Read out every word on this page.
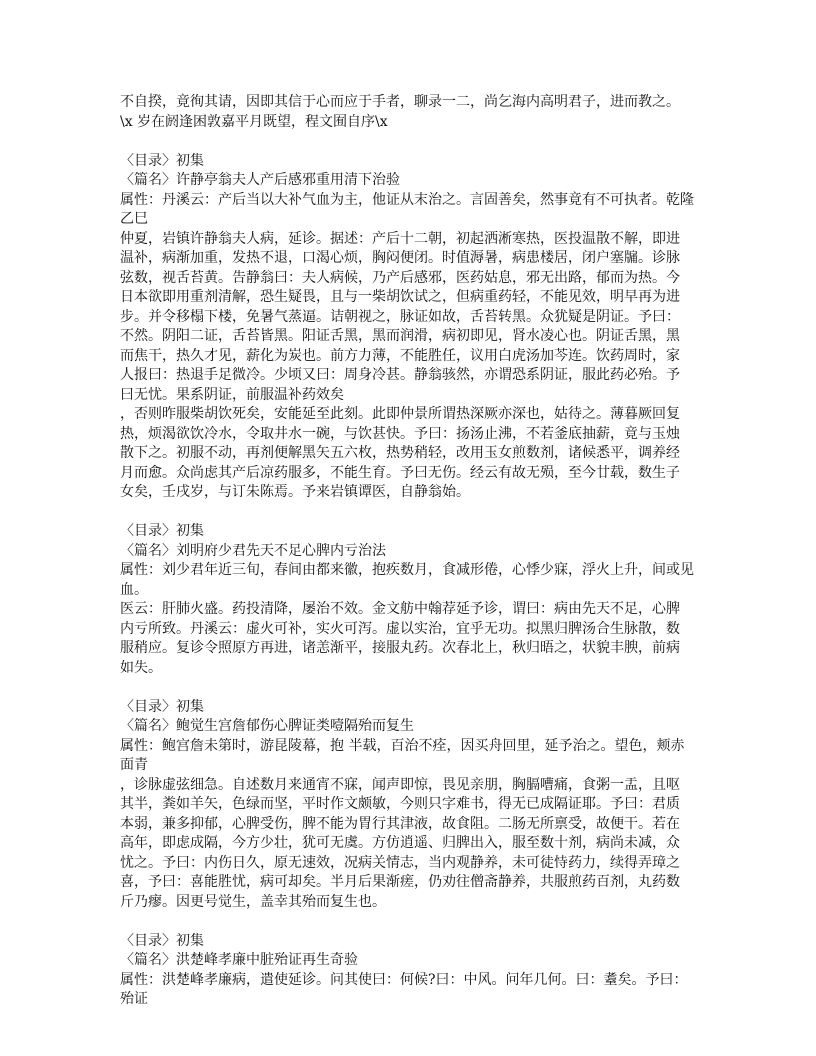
不自揆，竟徇其请，因即其信于心而应于手者，聊录一二，尚乞海内高明君子，进而教之。
\x 岁在阏逢困敦嘉平月既望，程文囿自序\x
〈目录〉初集
〈篇名〉许静亭翁夫人产后感邪重用清下治验
属性：丹溪云：产后当以大补气血为主，他证从末治之。言固善矣，然事竟有不可执者。乾隆
乙巳
仲夏，岩镇许静翁夫人病，延诊。据述：产后十二朝，初起洒淅寒热，医投温散不解，即进
温补，病渐加重，发热不退，口渴心烦，胸闷便闭。时值溽暑，病患楼居，闭户塞牖。诊脉
弦数，视舌苔黄。告静翁曰：夫人病候，乃产后感邪，医药姑息，邪无出路，郁而为热。今
日本欲即用重剂清解，恐生疑畏，且与一柴胡饮试之，但病重药轻，不能见效，明早再为进
步。并令移榻下楼，免暑气蒸逼。诘朝视之，脉证如故，舌苔转黑。众犹疑是阴证。予曰：
不然。阴阳二证，舌苔皆黑。阳证舌黑，黑而润滑，病初即见，肾水凌心也。阴证舌黑，黑
而焦干，热久才见，薪化为炭也。前方力薄，不能胜任，议用白虎汤加芩连。饮药周时，家
人报曰：热退手足微冷。少顷又曰：周身冷甚。静翁骇然，亦谓恐系阴证，服此药必殆。予
曰无忧。果系阴证，前服温补药效矣
，否则昨服柴胡饮死矣，安能延至此刻。此即仲景所谓热深厥亦深也，姑待之。薄暮厥回复
热，烦渴欲饮冷水，令取井水一碗，与饮甚快。予曰：扬汤止沸，不若釜底抽薪，竟与玉烛
散下之。初服不动，再剂便解黑矢五六枚，热势稍轻，改用玉女煎数剂，诸候悉平，调养经
月而愈。众尚虑其产后凉药服多，不能生育。予曰无伤。经云有故无殒，至今廿载，数生子
女矣，壬戌岁，与订朱陈焉。予来岩镇谭医，自静翁始。
〈目录〉初集
〈篇名〉刘明府少君先天不足心脾内亏治法
属性：刘少君年近三旬，春间由都来徽，抱疾数月，食减形倦，心悸少寐，浮火上升，间或见
血。
医云：肝肺火盛。药投清降，屡治不效。金文舫中翰荐延予诊，谓曰：病由先天不足，心脾
内亏所致。丹溪云：虚火可补，实火可泻。虚以实治，宜乎无功。拟黑归脾汤合生脉散，数
服稍应。复诊令照原方再进，诸恙渐平，接服丸药。次春北上，秋归晤之，状貌丰腴，前病
如失。
〈目录〉初集
〈篇名〉鲍觉生宫詹郁伤心脾证类噎隔殆而复生
属性：鲍宫詹未第时，游昆陵幕，抱 半载，百治不痊，因买舟回里，延予治之。望色，颊赤
面青
，诊脉虚弦细急。自述数月来通宵不寐，闻声即惊，畏见亲朋，胸膈嘈痛，食粥一盂，且呕
其半，粪如羊矢，色绿而坚，平时作文颇敏，今则只字难书，得无已成隔证耶。予曰：君质
本弱，兼多抑郁，心脾受伤，脾不能为胃行其津液，故食阻。二肠无所禀受，故便干。若在
高年，即虑成隔，今方少壮，犹可无虞。方仿逍遥、归脾出入，服至数十剂，病尚未减，众
忧之。予曰：内伤日久，原无速效，况病关情志，当内观静养，未可徒恃药力，续得弄璋之
喜，予曰：喜能胜忧，病可却矣。半月后果渐瘥，仍劝往僧斋静养，共服煎药百剂，丸药数
斤乃瘳。因更号觉生，盖幸其殆而复生也。
〈目录〉初集
〈篇名〉洪楚峰孝廉中脏殆证再生奇验
属性：洪楚峰孝廉病，遣使延诊。问其使曰：何候?曰：中风。问年几何。曰：耋矣。予曰：
殆证
